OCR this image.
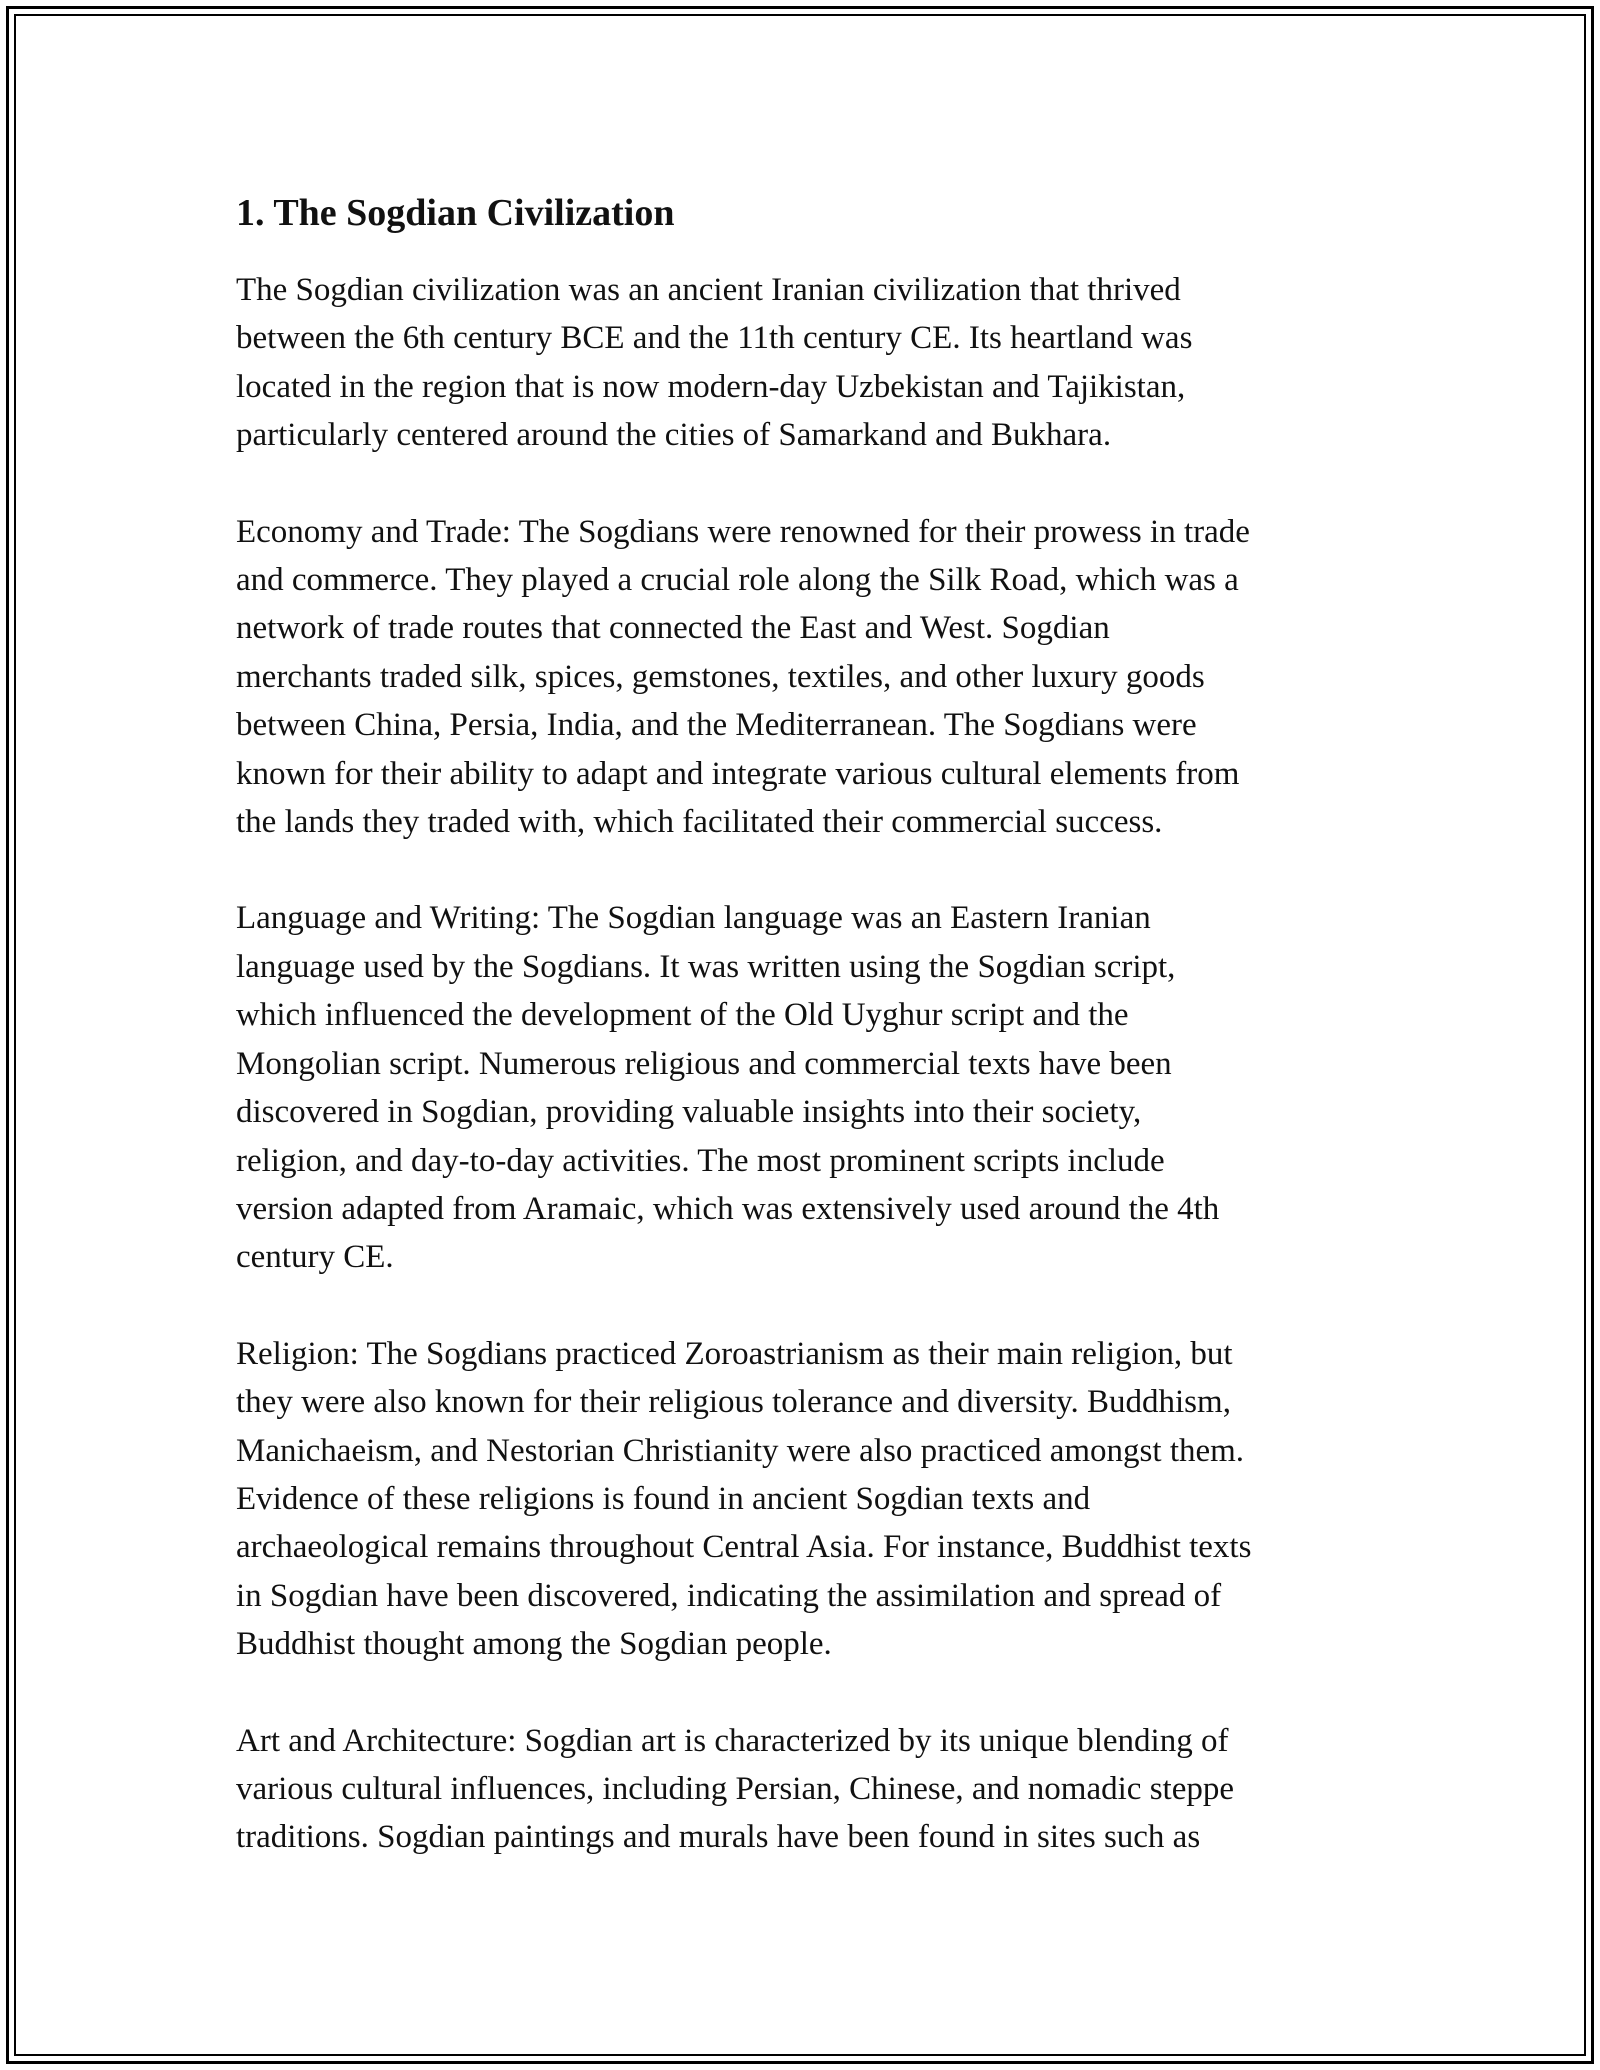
1. The Sogdian Civilization

The Sogdian civilization was an ancient Iranian civilization that thrived
between the 6th century BCE and the 11th century CE. Its heartland was
located in the region that is now modern-day Uzbekistan and Tajikistan,
particularly centered around the cities of Samarkand and Bukhara.

Economy and Trade: The Sogdians were renowned for their prowess in trade
and commerce. They played a crucial role along the Silk Road, which was a
network of trade routes that connected the East and West. Sogdian
merchants traded silk, spices, gemstones, textiles, and other luxury goods
between China, Persia, India, and the Mediterranean. The Sogdians were
known for their ability to adapt and integrate various cultural elements from
the lands they traded with, which facilitated their commercial success.

Language and Writing: The Sogdian language was an Eastern Iranian
language used by the Sogdians. It was written using the Sogdian script,
which influenced the development of the Old Uyghur script and the
Mongolian script. Numerous religious and commercial texts have been
discovered in Sogdian, providing valuable insights into their society,
religion, and day-to-day activities. The most prominent scripts include
version adapted from Aramaic, which was extensively used around the 4th
century CE.

Religion: The Sogdians practiced Zoroastrianism as their main religion, but
they were also known for their religious tolerance and diversity. Buddhism,
Manichaeism, and Nestorian Christianity were also practiced amongst them.
Evidence of these religions is found in ancient Sogdian texts and
archaeological remains throughout Central Asia. For instance, Buddhist texts
in Sogdian have been discovered, indicating the assimilation and spread of
Buddhist thought among the Sogdian people.

Art and Architecture: Sogdian art is characterized by its unique blending of
various cultural influences, including Persian, Chinese, and nomadic steppe
traditions. Sogdian paintings and murals have been found in sites such as
